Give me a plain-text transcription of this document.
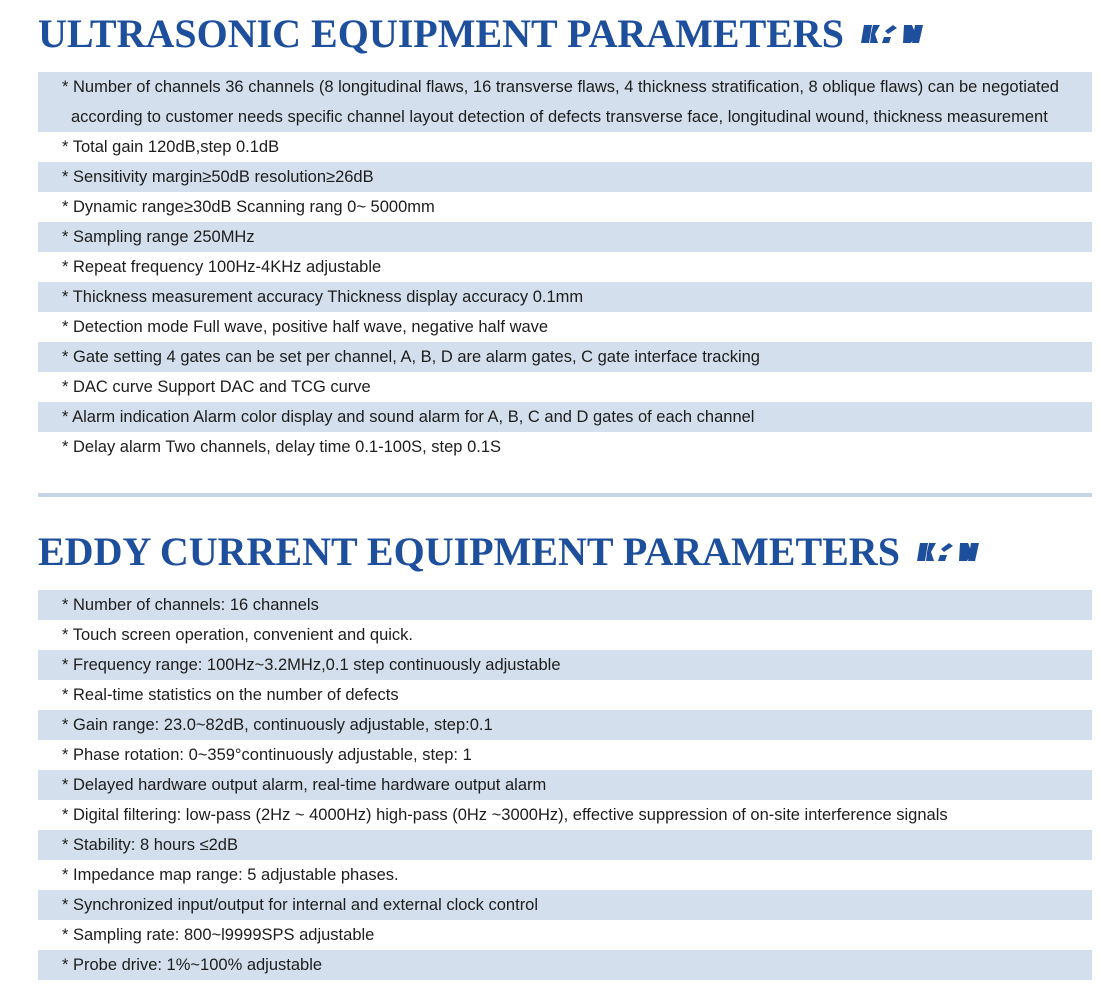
ULTRASONIC EQUIPMENT PARAMETERS
* Number of channels 36 channels (8 longitudinal flaws, 16 transverse flaws, 4 thickness stratification, 8 oblique flaws) can be negotiated according to customer needs specific channel layout detection of defects transverse face, longitudinal wound, thickness measurement
* Total gain 120dB,step 0.1dB
* Sensitivity margin≥50dB resolution≥26dB
* Dynamic range≥30dB Scanning rang 0~ 5000mm
* Sampling range 250MHz
* Repeat frequency 100Hz-4KHz adjustable
* Thickness measurement accuracy Thickness display accuracy 0.1mm
* Detection mode Full wave, positive half wave, negative half wave
* Gate setting 4 gates can be set per channel, A, B, D are alarm gates, C gate interface tracking
* DAC curve Support DAC and TCG curve
* Alarm indication Alarm color display and sound alarm for A, B, C and D gates of each channel
* Delay alarm Two channels, delay time 0.1-100S, step 0.1S
EDDY CURRENT EQUIPMENT PARAMETERS
* Number of channels: 16 channels
* Touch screen operation, convenient and quick.
* Frequency range: 100Hz~3.2MHz,0.1 step continuously adjustable
* Real-time statistics on the number of defects
* Gain range: 23.0~82dB, continuously adjustable, step:0.1
* Phase rotation: 0~359°continuously adjustable, step: 1
* Delayed hardware output alarm, real-time hardware output alarm
* Digital filtering: low-pass (2Hz ~ 4000Hz) high-pass (0Hz ~3000Hz), effective suppression of on-site interference signals
* Stability: 8 hours ≤2dB
* Impedance map range: 5 adjustable phases.
* Synchronized input/output for internal and external clock control
* Sampling rate: 800~l9999SPS adjustable
* Probe drive: 1%~100% adjustable
